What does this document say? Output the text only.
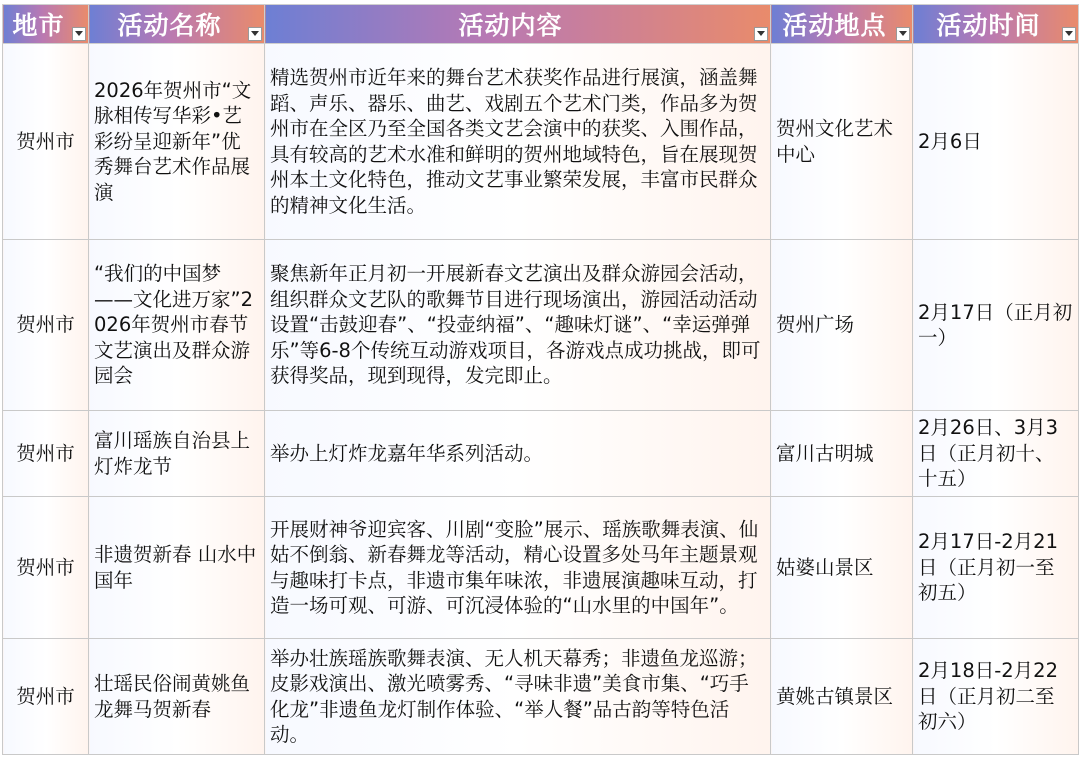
地市	活动名称	活动内容	活动地点	活动时间

贺州市	2026年贺州市“文脉相传写华彩•艺彩纷呈迎新年”优秀舞台艺术作品展演	精选贺州市近年来的舞台艺术获奖作品进行展演，涵盖舞蹈、声乐、器乐、曲艺、戏剧五个艺术门类，作品多为贺州市在全区乃至全国各类文艺会演中的获奖、入围作品，具有较高的艺术水准和鲜明的贺州地域特色，旨在展现贺州本土文化特色，推动文艺事业繁荣发展，丰富市民群众的精神文化生活。	贺州文化艺术中心	2月6日
贺州市	“我们的中国梦——文化进万家”2026年贺州市春节文艺演出及群众游园会	聚焦新年正月初一开展新春文艺演出及群众游园会活动，组织群众文艺队的歌舞节目进行现场演出，游园活动活动设置“击鼓迎春”、“投壶纳福”、“趣味灯谜”、“幸运弹弹乐”等6-8个传统互动游戏项目，各游戏点成功挑战，即可获得奖品，现到现得，发完即止。	贺州广场	2月17日（正月初一）
贺州市	富川瑶族自治县上灯炸龙节	举办上灯炸龙嘉年华系列活动。	富川古明城	2月26日、3月3日（正月初十、十五）
贺州市	非遗贺新春 山水中国年	开展财神爷迎宾客、川剧“变脸”展示、瑶族歌舞表演、仙姑不倒翁、新春舞龙等活动，精心设置多处马年主题景观与趣味打卡点，非遗市集年味浓，非遗展演趣味互动，打造一场可观、可游、可沉浸体验的“山水里的中国年”。	姑婆山景区	2月17日-2月21日（正月初一至初五）
贺州市	壮瑶民俗闹黄姚鱼龙舞马贺新春	举办壮族瑶族歌舞表演、无人机天幕秀；非遗鱼龙巡游；皮影戏演出、激光喷雾秀、“寻味非遗”美食市集、“巧手化龙”非遗鱼龙灯制作体验、“举人餐”品古韵等特色活动。	黄姚古镇景区	2月18日-2月22日（正月初二至初六）
